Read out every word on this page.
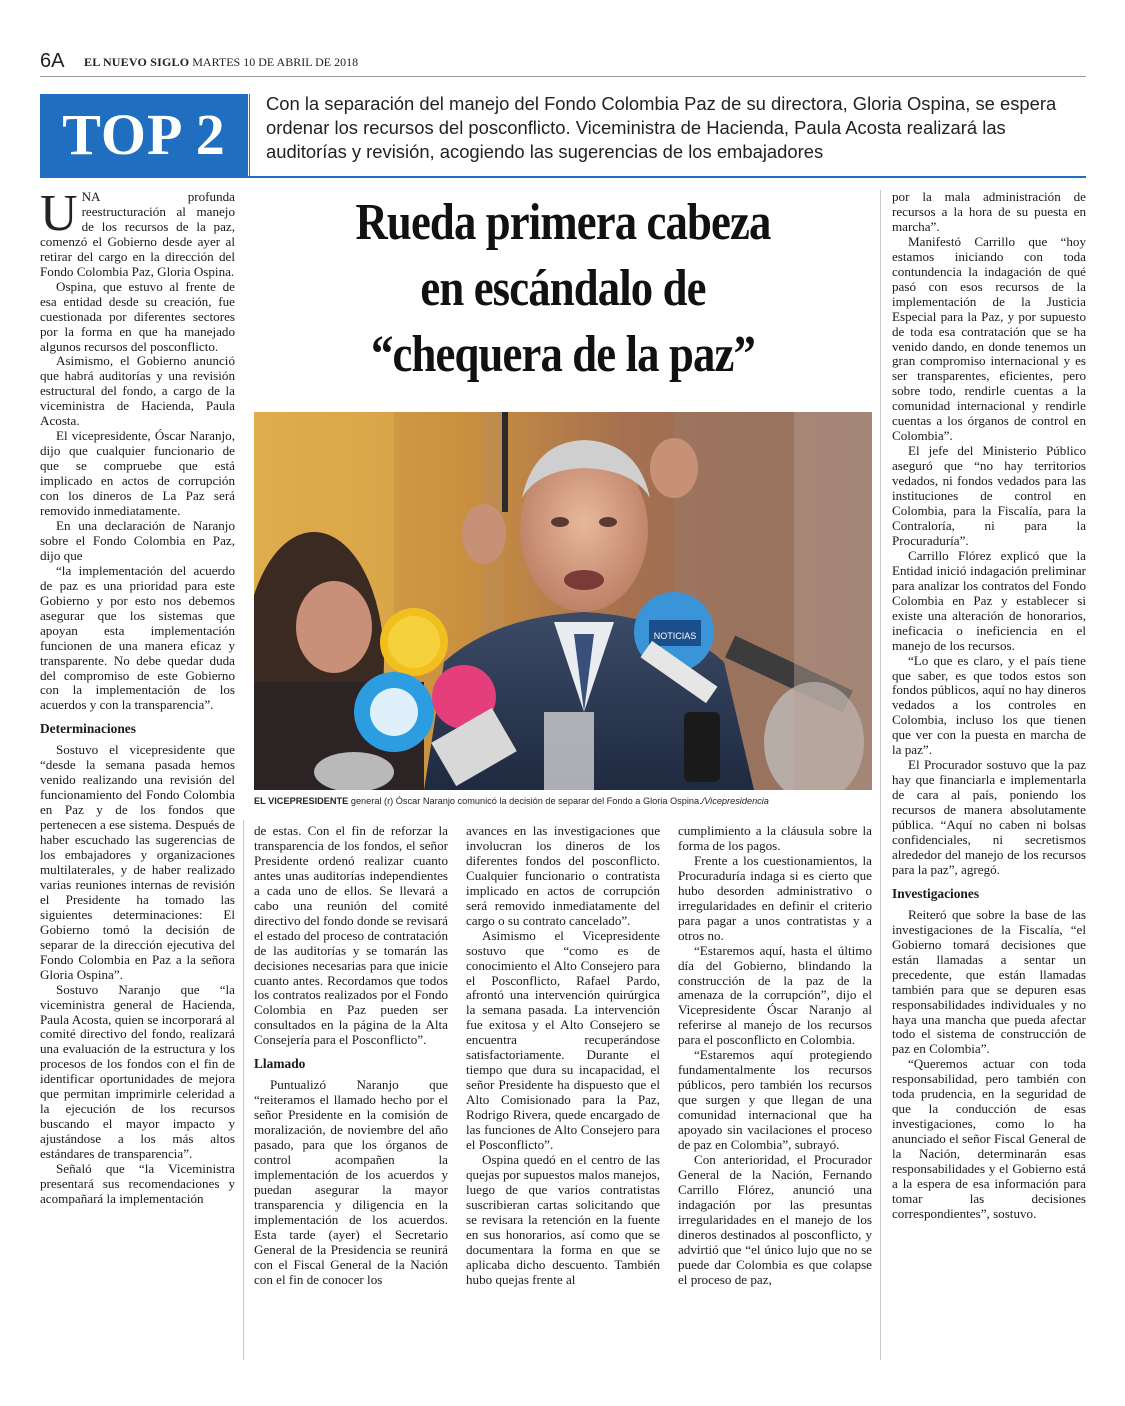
6A EL NUEVO SIGLO MARTES 10 DE ABRIL DE 2018
TOP 2	Con la separación del manejo del Fondo Colombia Paz de su directora, Gloria Ospina, se espera ordenar los recursos del posconflicto. Viceministra de Hacienda, Paula Acosta realizará las auditorías y revisión, acogiendo las sugerencias de los embajadores
Rueda primera cabeza
en escándalo de
“chequera de la paz”
NOTICIAS
EL VICEPRESIDENTE general (r) Óscar Naranjo comunicó la decisión de separar del Fondo a Gloria Ospina./Vicepresidencia

UNA profunda reestructuración al manejo de los recursos de la paz, comenzó el Gobierno desde ayer al retirar del cargo en la dirección del Fondo Colombia Paz, Gloria Ospina.

Ospina, que estuvo al frente de esa entidad desde su creación, fue cuestionada por diferentes sectores por la forma en que ha manejado algunos recursos del posconflicto.

Asimismo, el Gobierno anunció que habrá auditorías y una revisión estructural del fondo, a cargo de la viceministra de Hacienda, Paula Acosta.

El vicepresidente, Óscar Naranjo, dijo que cualquier funcionario de que se compruebe que está implicado en actos de corrupción con los dineros de La Paz será removido inmediatamente.

En una declaración de Naranjo sobre el Fondo Colombia en Paz, dijo que

“la implementación del acuerdo de paz es una prioridad para este Gobierno y por esto nos debemos asegurar que los sistemas que apoyan esta implementación funcionen de una manera eficaz y transparente. No debe quedar duda del compromiso de este Gobierno con la implementación de los acuerdos y con la transparencia”.

Determinaciones

Sostuvo el vicepresidente que “desde la semana pasada hemos venido realizando una revisión del funcionamiento del Fondo Colombia en Paz y de los fondos que pertenecen a ese sistema. Después de haber escuchado las sugerencias de los embajadores y organizaciones multilaterales, y de haber realizado varias reuniones internas de revisión el Presidente ha tomado las siguientes determinaciones: El Gobierno tomó la decisión de separar de la dirección ejecutiva del Fondo Colombia en Paz a la señora Gloria Ospina”.

Sostuvo Naranjo que “la viceministra general de Hacienda, Paula Acosta, quien se incorporará al comité directivo del fondo, realizará una evaluación de la estructura y los procesos de los fondos con el fin de identificar oportunidades de mejora que permitan imprimirle celeridad a la ejecución de los recursos buscando el mayor impacto y ajustándose a los más altos estándares de transparencia”.

Señaló que “la Viceministra presentará sus recomendaciones y acompañará la implementación

de estas. Con el fin de reforzar la transparencia de los fondos, el señor Presidente ordenó realizar cuanto antes unas auditorías independientes a cada uno de ellos. Se llevará a cabo una reunión del comité directivo del fondo donde se revisará el estado del proceso de contratación de las auditorías y se tomarán las decisiones necesarias para que inicie cuanto antes. Recordamos que todos los contratos realizados por el Fondo Colombia en Paz pueden ser consultados en la página de la Alta Consejería para el Posconflicto”.

Llamado

Puntualizó Naranjo que “reiteramos el llamado hecho por el señor Presidente en la comisión de moralización, de noviembre del año pasado, para que los órganos de control acompañen la implementación de los acuerdos y puedan asegurar la mayor transparencia y diligencia en la implementación de los acuerdos. Esta tarde (ayer) el Secretario General de la Presidencia se reunirá con el Fiscal General de la Nación con el fin de conocer los

avances en las investigaciones que involucran los dineros de los diferentes fondos del posconflicto. Cualquier funcionario o contratista implicado en actos de corrupción será removido inmediatamente del cargo o su contrato cancelado”.

Asimismo el Vicepresidente sostuvo que “como es de conocimiento el Alto Consejero para el Posconflicto, Rafael Pardo, afrontó una intervención quirúrgica la semana pasada. La intervención fue exitosa y el Alto Consejero se encuentra recuperándose satisfactoriamente. Durante el tiempo que dura su incapacidad, el señor Presidente ha dispuesto que el Alto Comisionado para la Paz, Rodrigo Rivera, quede encargado de las funciones de Alto Consejero para el Posconflicto”.

Ospina quedó en el centro de las quejas por supuestos malos manejos, luego de que varios contratistas suscribieran cartas solicitando que se revisara la retención en la fuente en sus honorarios, así como que se documentara la forma en que se aplicaba dicho descuento. También hubo quejas frente al

cumplimiento a la cláusula sobre la forma de los pagos.

Frente a los cuestionamientos, la Procuraduría indaga si es cierto que hubo desorden administrativo o irregularidades en definir el criterio para pagar a unos contratistas y a otros no.

“Estaremos aquí, hasta el último día del Gobierno, blindando la construcción de la paz de la amenaza de la corrupción”, dijo el Vicepresidente Óscar Naranjo al referirse al manejo de los recursos para el posconflicto en Colombia.

“Estaremos aquí protegiendo fundamentalmente los recursos públicos, pero también los recursos que surgen y que llegan de una comunidad internacional que ha apoyado sin vacilaciones el proceso de paz en Colombia”, subrayó.

Con anterioridad, el Procurador General de la Nación, Fernando Carrillo Flórez, anunció una indagación por las presuntas irregularidades en el manejo de los dineros destinados al posconflicto, y advirtió que “el único lujo que no se puede dar Colombia es que colapse el proceso de paz,

por la mala administración de recursos a la hora de su puesta en marcha”.

Manifestó Carrillo que “hoy estamos iniciando con toda contundencia la indagación de qué pasó con esos recursos de la implementación de la Justicia Especial para la Paz, y por supuesto de toda esa contratación que se ha venido dando, en donde tenemos un gran compromiso internacional y es ser transparentes, eficientes, pero sobre todo, rendirle cuentas a la comunidad internacional y rendirle cuentas a los órganos de control en Colombia”.

El jefe del Ministerio Público aseguró que “no hay territorios vedados, ni fondos vedados para las instituciones de control en Colombia, para la Fiscalía, para la Contraloría, ni para la Procuraduría”.

Carrillo Flórez explicó que la Entidad inició indagación preliminar para analizar los contratos del Fondo Colombia en Paz y establecer si existe una alteración de honorarios, ineficacia o ineficiencia en el manejo de los recursos.

“Lo que es claro, y el país tiene que saber, es que todos estos son fondos públicos, aquí no hay dineros vedados a los controles en Colombia, incluso los que tienen que ver con la puesta en marcha de la paz”.

El Procurador sostuvo que la paz hay que financiarla e implementarla de cara al país, poniendo los recursos de manera absolutamente pública. “Aquí no caben ni bolsas confidenciales, ni secretismos alrededor del manejo de los recursos para la paz”, agregó.

Investigaciones

Reiteró que sobre la base de las investigaciones de la Fiscalía, “el Gobierno tomará decisiones que están llamadas a sentar un precedente, que están llamadas también para que se depuren esas responsabilidades individuales y no haya una mancha que pueda afectar todo el sistema de construcción de paz en Colombia”.

“Queremos actuar con toda responsabilidad, pero también con toda prudencia, en la seguridad de que la conducción de esas investigaciones, como lo ha anunciado el señor Fiscal General de la Nación, determinarán esas responsabilidades y el Gobierno está a la espera de esa información para tomar las decisiones correspondientes”, sostuvo.
